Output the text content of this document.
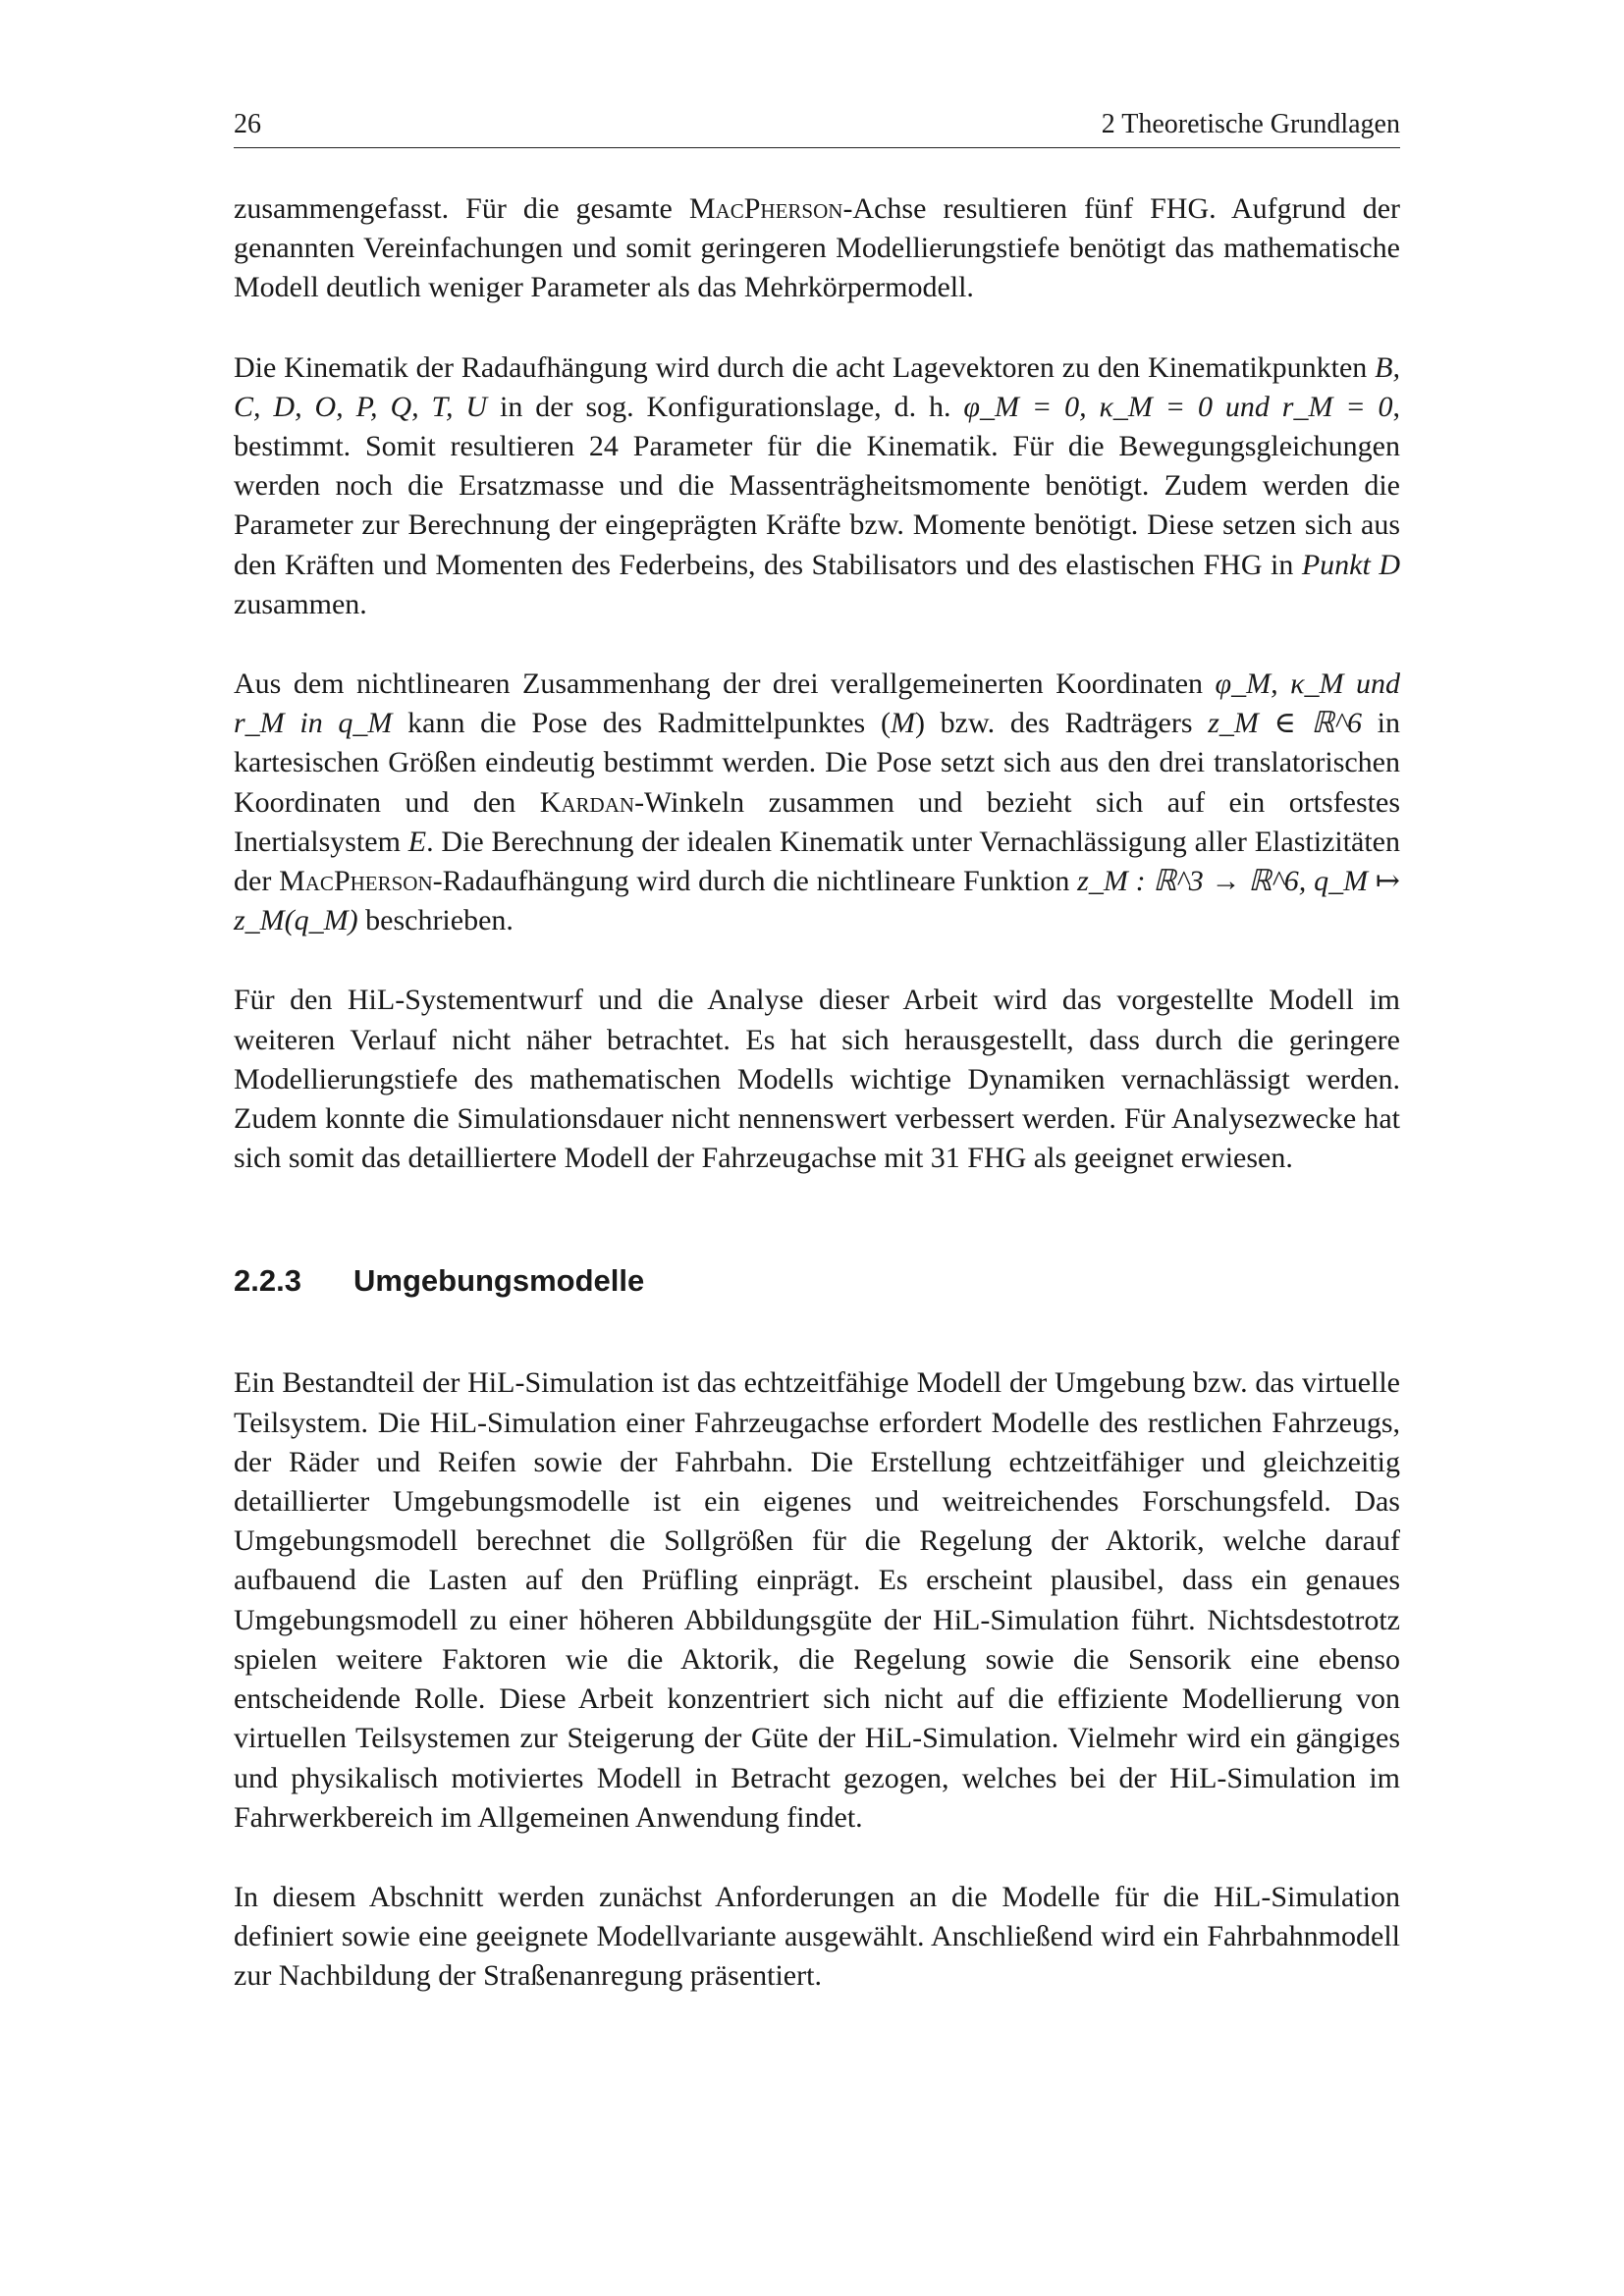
26	2 Theoretische Grundlagen

zusammengefasst. Für die gesamte MacPherson-Achse resultieren fünf FHG. Aufgrund der genannten Vereinfachungen und somit geringeren Modellierungstiefe benötigt das mathematische Modell deutlich weniger Parameter als das Mehrkörpermodell.

Die Kinematik der Radaufhängung wird durch die acht Lagevektoren zu den Kinematikpunkten B, C, D, O, P, Q, T, U in der sog. Konfigurationslage, d. h. φ_M = 0, κ_M = 0 und r_M = 0, bestimmt. Somit resultieren 24 Parameter für die Kinematik. Für die Bewegungsgleichungen werden noch die Ersatzmasse und die Massenträgheitsmomente benötigt. Zudem werden die Parameter zur Berechnung der eingeprägten Kräfte bzw. Momente benötigt. Diese setzen sich aus den Kräften und Momenten des Federbeins, des Stabilisators und des elastischen FHG in Punkt D zusammen.

Aus dem nichtlinearen Zusammenhang der drei verallgemeinerten Koordinaten φ_M, κ_M und r_M in q_M kann die Pose des Radmittelpunktes (M) bzw. des Radträgers z_M ∈ ℝ^6 in kartesischen Größen eindeutig bestimmt werden. Die Pose setzt sich aus den drei translatorischen Koordinaten und den Kardan-Winkeln zusammen und bezieht sich auf ein ortsfestes Inertialsystem E. Die Berechnung der idealen Kinematik unter Vernachlässigung aller Elastizitäten der MacPherson-Radaufhängung wird durch die nichtlineare Funktion z_M : ℝ^3 → ℝ^6, q_M ↦ z_M(q_M) beschrieben.

Für den HiL-Systementwurf und die Analyse dieser Arbeit wird das vorgestellte Modell im weiteren Verlauf nicht näher betrachtet. Es hat sich herausgestellt, dass durch die geringere Modellierungstiefe des mathematischen Modells wichtige Dynamiken vernachlässigt werden. Zudem konnte die Simulationsdauer nicht nennenswert verbessert werden. Für Analysezwecke hat sich somit das detailliertere Modell der Fahrzeugachse mit 31 FHG als geeignet erwiesen.

2.2.3	Umgebungsmodelle

Ein Bestandteil der HiL-Simulation ist das echtzeitfähige Modell der Umgebung bzw. das virtuelle Teilsystem. Die HiL-Simulation einer Fahrzeugachse erfordert Modelle des restlichen Fahrzeugs, der Räder und Reifen sowie der Fahrbahn. Die Erstellung echtzeitfähiger und gleichzeitig detaillierter Umgebungsmodelle ist ein eigenes und weitreichendes Forschungsfeld. Das Umgebungsmodell berechnet die Sollgrößen für die Regelung der Aktorik, welche darauf aufbauend die Lasten auf den Prüfling einprägt. Es erscheint plausibel, dass ein genaues Umgebungsmodell zu einer höheren Abbildungsgüte der HiL-Simulation führt. Nichtsdestotrotz spielen weitere Faktoren wie die Aktorik, die Regelung sowie die Sensorik eine ebenso entscheidende Rolle. Diese Arbeit konzentriert sich nicht auf die effiziente Modellierung von virtuellen Teilsystemen zur Steigerung der Güte der HiL-Simulation. Vielmehr wird ein gängiges und physikalisch motiviertes Modell in Betracht gezogen, welches bei der HiL-Simulation im Fahrwerkbereich im Allgemeinen Anwendung findet.

In diesem Abschnitt werden zunächst Anforderungen an die Modelle für die HiL-Simulation definiert sowie eine geeignete Modellvariante ausgewählt. Anschließend wird ein Fahrbahnmodell zur Nachbildung der Straßenanregung präsentiert.
